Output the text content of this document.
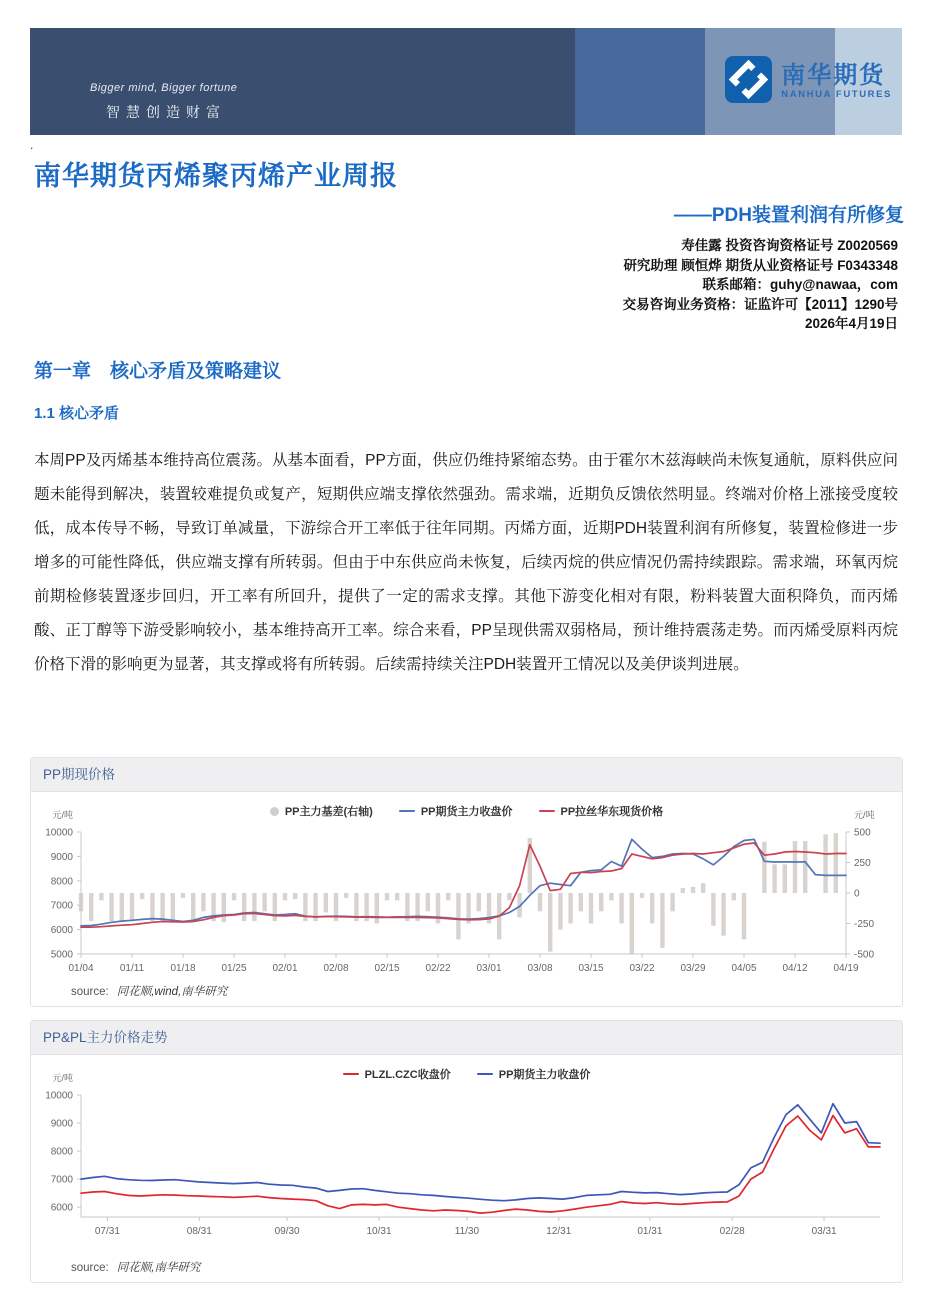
Bigger mind, Bigger fortune
智慧创造财富
南华期货
NANHUA FUTURES
.
南华期货丙烯聚丙烯产业周报
——PDH装置利润有所修复
寿佳露 投资咨询资格证号 Z0020569
研究助理 顾恒烨 期货从业资格证号 F0343348
联系邮箱：guhy@nawaa，com
交易咨询业务资格：证监许可【2011】1290号
2026年4月19日
第一章　核心矛盾及策略建议
1.1 核心矛盾

本周PP及丙烯基本维持高位震荡。从基本面看，PP方面，供应仍维持紧缩态势。由于霍尔木兹海峡尚未恢复通航，原料供应问题未能得到解决，装置较难提负或复产，短期供应端支撑依然强劲。需求端，近期负反馈依然明显。终端对价格上涨接受度较低，成本传导不畅，导致订单减量，下游综合开工率低于往年同期。丙烯方面，近期PDH装置利润有所修复，装置检修进一步增多的可能性降低，供应端支撑有所转弱。但由于中东供应尚未恢复，后续丙烷的供应情况仍需持续跟踪。需求端，环氧丙烷前期检修装置逐步回归，开工率有所回升，提供了一定的需求支撑。其他下游变化相对有限，粉料装置大面积降负，而丙烯酸、正丁醇等下游受影响较小，基本维持高开工率。综合来看，PP呈现供需双弱格局，预计维持震荡走势。而丙烯受原料丙烷价格下滑的影响更为显著，其支撑或将有所转弱。后续需持续关注PDH装置开工情况以及美伊谈判进展。

PP期现价格
PP主力基差(右轴)	PP期货主力收盘价	PP拉丝华东现货价格
5000
6000
7000
8000
9000
10000
-500
-250
0
250
500
01/04	01/11	01/18	01/25	02/01	02/08	02/15	02/22	03/01	03/08	03/15	03/22	03/29	04/05	04/12	04/19
元/吨	元/吨
source: 同花顺,wind,南华研究
PP&PL主力价格走势
PLZL.CZC收盘价	PP期货主力收盘价
6000
7000
8000
9000
10000
07/31	08/31	09/30	10/31	11/30	12/31	01/31	02/28	03/31
元/吨
source: 同花顺,南华研究
